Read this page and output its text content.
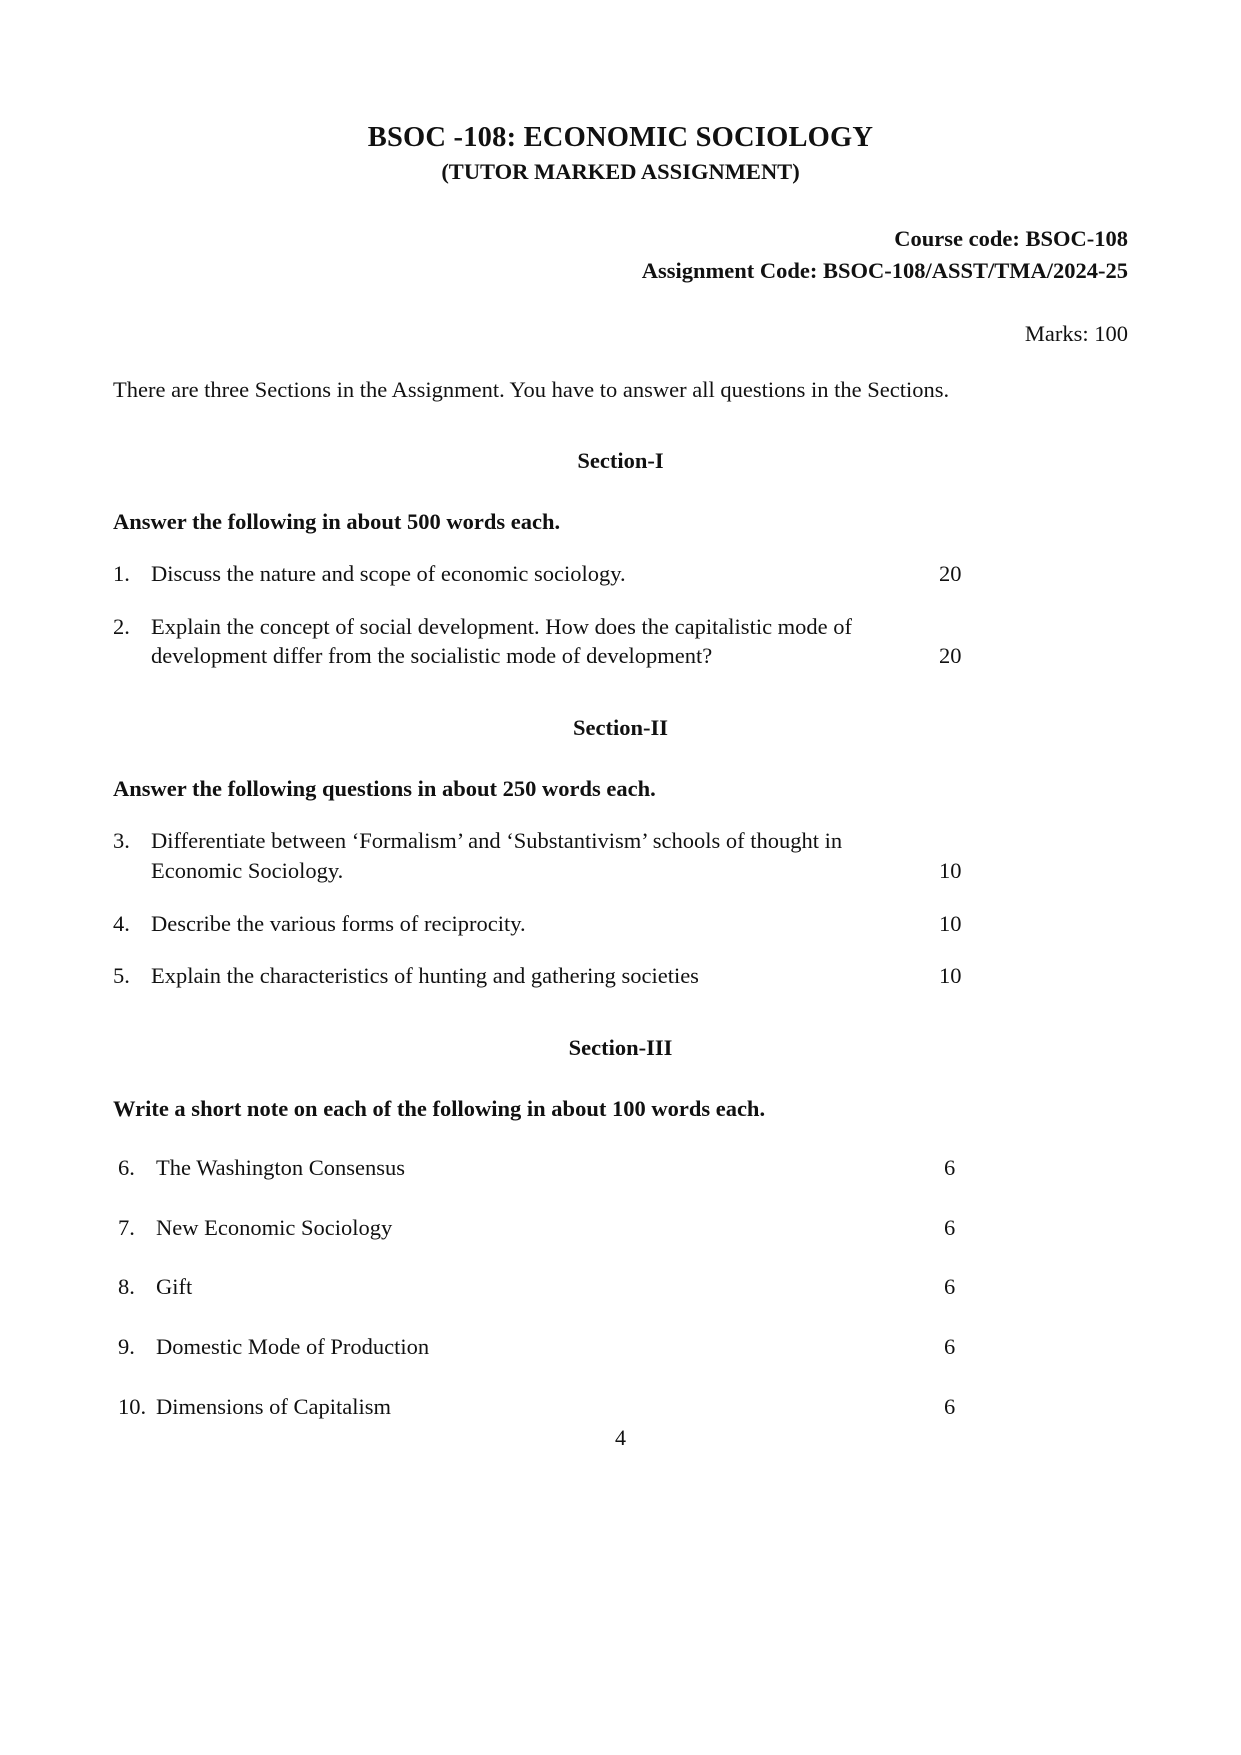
BSOC -108: ECONOMIC SOCIOLOGY
(TUTOR MARKED ASSIGNMENT)
Course code: BSOC-108
Assignment Code: BSOC-108/ASST/TMA/2024-25
Marks: 100
There are three Sections in the Assignment. You have to answer all questions in the Sections.
Section-I
Answer the following in about 500 words each.
1. Discuss the nature and scope of economic sociology.	20
2. Explain the concept of social development. How does the capitalistic mode of
development differ from the socialistic mode of development?	20
Section-II
Answer the following questions in about 250 words each.
3. Differentiate between ‘Formalism’ and ‘Substantivism’ schools of thought in
Economic Sociology.	10
4. Describe the various forms of reciprocity.	10
5. Explain the characteristics of hunting and gathering societies	10
Section-III
Write a short note on each of the following in about 100 words each.
6. The Washington Consensus	6
7. New Economic Sociology	6
8. Gift	6
9. Domestic Mode of Production	6
10. Dimensions of Capitalism	6
4
